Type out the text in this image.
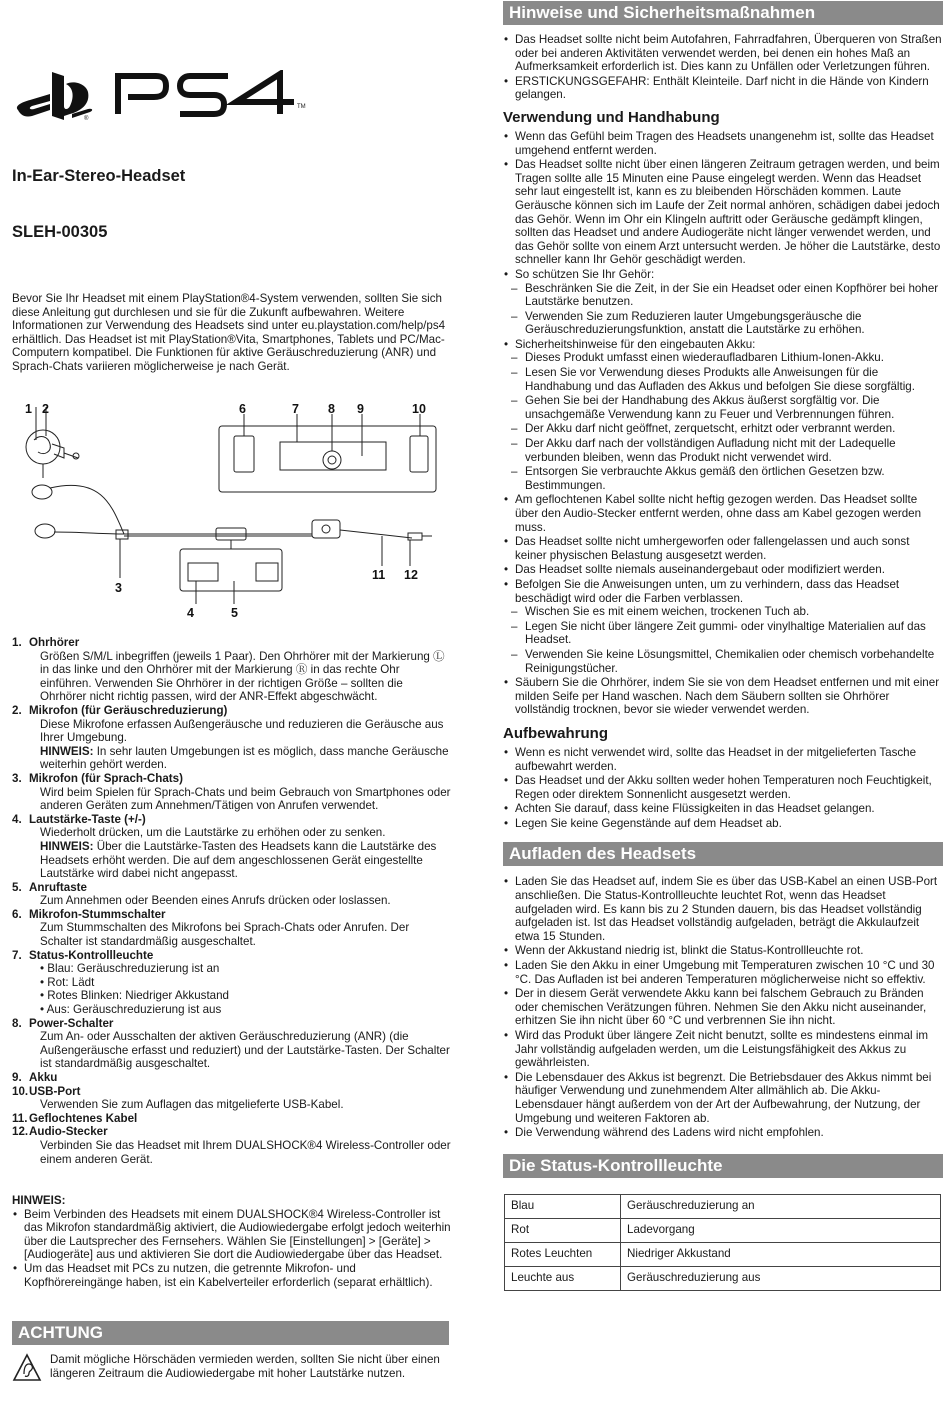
®
TM
In-Ear-Stereo-Headset
SLEH-00305
Bevor Sie Ihr Headset mit einem PlayStation®4-System verwenden, sollten Sie sich diese Anleitung gut durchlesen und sie für die Zukunft aufbewahren. Weitere Informationen zur Verwendung des Headsets sind unter eu.playstation.com/help/ps4 erhältlich. Das Headset ist mit PlayStation®Vita, Smartphones, Tablets und PC/Mac-Computern kompatibel. Die Funktionen für aktive Geräuschreduzierung (ANR) und Sprach-Chats variieren möglicherweise je nach Gerät.
1 2	6	7 8 9	10
3
11 12
4	5
1. Ohrhörer
Größen S/M/L inbegriffen (jeweils 1 Paar). Den Ohrhörer mit der Markierung Ⓛ in das linke und den Ohrhörer mit der Markierung Ⓡ in das rechte Ohr einführen. Verwenden Sie Ohrhörer in der richtigen Größe – sollten die Ohrhörer nicht richtig passen, wird der ANR-Effekt abgeschwächt.
2. Mikrofon (für Geräuschreduzierung)
Diese Mikrofone erfassen Außengeräusche und reduzieren die Geräusche aus Ihrer Umgebung.
HINWEIS: In sehr lauten Umgebungen ist es möglich, dass manche Geräusche weiterhin gehört werden.
3. Mikrofon (für Sprach-Chats)
Wird beim Spielen für Sprach-Chats und beim Gebrauch von Smartphones oder anderen Geräten zum Annehmen/Tätigen von Anrufen verwendet.
4. Lautstärke-Taste (+/-)
Wiederholt drücken, um die Lautstärke zu erhöhen oder zu senken.
HINWEIS: Über die Lautstärke-Tasten des Headsets kann die Lautstärke des Headsets erhöht werden. Die auf dem angeschlossenen Gerät eingestellte Lautstärke wird dabei nicht angepasst.
5. Anruftaste
Zum Annehmen oder Beenden eines Anrufs drücken oder loslassen.
6. Mikrofon-Stummschalter
Zum Stummschalten des Mikrofons bei Sprach-Chats oder Anrufen. Der Schalter ist standardmäßig ausgeschaltet.
7. Status-Kontrollleuchte
• Blau: Geräuschreduzierung ist an
• Rot: Lädt
• Rotes Blinken: Niedriger Akkustand
• Aus: Geräuschreduzierung ist aus
8. Power-Schalter
Zum An- oder Ausschalten der aktiven Geräuschreduzierung (ANR) (die Außengeräusche erfasst und reduziert) und der Lautstärke-Tasten. Der Schalter ist standardmäßig ausgeschaltet.
9. Akku
10. USB-Port
Verwenden Sie zum Auflagen das mitgelieferte USB-Kabel.
11. Geflochtenes Kabel
12. Audio-Stecker
Verbinden Sie das Headset mit Ihrem DUALSHOCK®4 Wireless-Controller oder einem anderen Gerät.
HINWEIS:
• Beim Verbinden des Headsets mit einem DUALSHOCK®4 Wireless-Controller ist das Mikrofon standardmäßig aktiviert, die Audiowiedergabe erfolgt jedoch weiterhin über die Lautsprecher des Fernsehers. Wählen Sie [Einstellungen] > [Geräte] > [Audiogeräte] aus und aktivieren Sie dort die Audiowiedergabe über das Headset.
• Um das Headset mit PCs zu nutzen, die getrennte Mikrofon- und Kopfhörereingänge haben, ist ein Kabelverteiler erforderlich (separat erhältlich).
ACHTUNG
Damit mögliche Hörschäden vermieden werden, sollten Sie nicht über einen längeren Zeitraum die Audiowiedergabe mit hoher Lautstärke nutzen.
Hinweise und Sicherheitsmaßnahmen
• Das Headset sollte nicht beim Autofahren, Fahrradfahren, Überqueren von Straßen oder bei anderen Aktivitäten verwendet werden, bei denen ein hohes Maß an Aufmerksamkeit erforderlich ist. Dies kann zu Unfällen oder Verletzungen führen.
• ERSTICKUNGSGEFAHR: Enthält Kleinteile. Darf nicht in die Hände von Kindern gelangen.
Verwendung und Handhabung
• Wenn das Gefühl beim Tragen des Headsets unangenehm ist, sollte das Headset umgehend entfernt werden.
• Das Headset sollte nicht über einen längeren Zeitraum getragen werden, und beim Tragen sollte alle 15 Minuten eine Pause eingelegt werden. Wenn das Headset sehr laut eingestellt ist, kann es zu bleibenden Hörschäden kommen. Laute Geräusche können sich im Laufe der Zeit normal anhören, schädigen dabei jedoch das Gehör. Wenn im Ohr ein Klingeln auftritt oder Geräusche gedämpft klingen, sollten das Headset und andere Audiogeräte nicht länger verwendet werden, und das Gehör sollte von einem Arzt untersucht werden. Je höher die Lautstärke, desto schneller kann Ihr Gehör geschädigt werden.
• So schützen Sie Ihr Gehör:
– Beschränken Sie die Zeit, in der Sie ein Headset oder einen Kopfhörer bei hoher Lautstärke benutzen.
– Verwenden Sie zum Reduzieren lauter Umgebungsgeräusche die Geräuschreduzierungsfunktion, anstatt die Lautstärke zu erhöhen.
• Sicherheitshinweise für den eingebauten Akku:
– Dieses Produkt umfasst einen wiederaufladbaren Lithium-Ionen-Akku.
– Lesen Sie vor Verwendung dieses Produkts alle Anweisungen für die Handhabung und das Aufladen des Akkus und befolgen Sie diese sorgfältig.
– Gehen Sie bei der Handhabung des Akkus äußerst sorgfältig vor. Die unsachgemäße Verwendung kann zu Feuer und Verbrennungen führen.
– Der Akku darf nicht geöffnet, zerquetscht, erhitzt oder verbrannt werden.
– Der Akku darf nach der vollständigen Aufladung nicht mit der Ladequelle verbunden bleiben, wenn das Produkt nicht verwendet wird.
– Entsorgen Sie verbrauchte Akkus gemäß den örtlichen Gesetzen bzw. Bestimmungen.
• Am geflochtenen Kabel sollte nicht heftig gezogen werden. Das Headset sollte über den Audio-Stecker entfernt werden, ohne dass am Kabel gezogen werden muss.
• Das Headset sollte nicht umhergeworfen oder fallengelassen und auch sonst keiner physischen Belastung ausgesetzt werden.
• Das Headset sollte niemals auseinandergebaut oder modifiziert werden.
• Befolgen Sie die Anweisungen unten, um zu verhindern, dass das Headset beschädigt wird oder die Farben verblassen.
– Wischen Sie es mit einem weichen, trockenen Tuch ab.
– Legen Sie nicht über längere Zeit gummi- oder vinylhaltige Materialien auf das Headset.
– Verwenden Sie keine Lösungsmittel, Chemikalien oder chemisch vorbehandelte Reinigungstücher.
• Säubern Sie die Ohrhörer, indem Sie sie von dem Headset entfernen und mit einer milden Seife per Hand waschen. Nach dem Säubern sollten sie Ohrhörer vollständig trocknen, bevor sie wieder verwendet werden.
Aufbewahrung
• Wenn es nicht verwendet wird, sollte das Headset in der mitgelieferten Tasche aufbewahrt werden.
• Das Headset und der Akku sollten weder hohen Temperaturen noch Feuchtigkeit, Regen oder direktem Sonnenlicht ausgesetzt werden.
• Achten Sie darauf, dass keine Flüssigkeiten in das Headset gelangen.
• Legen Sie keine Gegenstände auf dem Headset ab.
Aufladen des Headsets
• Laden Sie das Headset auf, indem Sie es über das USB-Kabel an einen USB-Port anschließen. Die Status-Kontrollleuchte leuchtet Rot, wenn das Headset aufgeladen wird. Es kann bis zu 2 Stunden dauern, bis das Headset vollständig aufgeladen ist. Ist das Headset vollständig aufgeladen, beträgt die Akkulaufzeit etwa 15 Stunden.
• Wenn der Akkustand niedrig ist, blinkt die Status-Kontrollleuchte rot.
• Laden Sie den Akku in einer Umgebung mit Temperaturen zwischen 10 °C und 30 °C. Das Aufladen ist bei anderen Temperaturen möglicherweise nicht so effektiv.
• Der in diesem Gerät verwendete Akku kann bei falschem Gebrauch zu Bränden oder chemischen Verätzungen führen. Nehmen Sie den Akku nicht auseinander, erhitzen Sie ihn nicht über 60 °C und verbrennen Sie ihn nicht.
• Wird das Produkt über längere Zeit nicht benutzt, sollte es mindestens einmal im Jahr vollständig aufgeladen werden, um die Leistungsfähigkeit des Akkus zu gewährleisten.
• Die Lebensdauer des Akkus ist begrenzt. Die Betriebsdauer des Akkus nimmt bei häufiger Verwendung und zunehmendem Alter allmählich ab. Die Akku-Lebensdauer hängt außerdem von der Art der Aufbewahrung, der Nutzung, der Umgebung und weiteren Faktoren ab.
• Die Verwendung während des Ladens wird nicht empfohlen.
Die Status-Kontrollleuchte
Blau	Geräuschreduzierung an
Rot	Ladevorgang
Rotes Leuchten	Niedriger Akkustand
Leuchte aus	Geräuschreduzierung aus
